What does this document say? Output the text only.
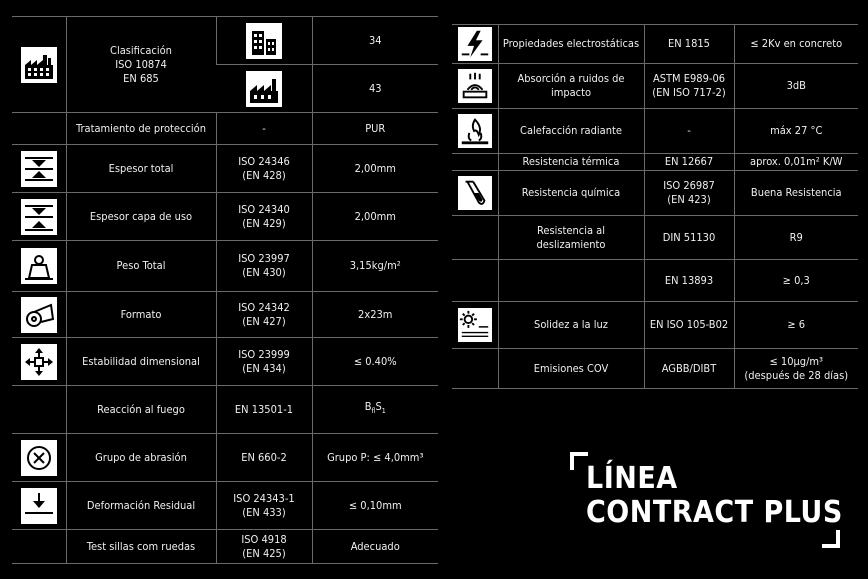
	Clasificación
ISO 10874
EN 685		34

	43
	Tratamiento de protección	-	PUR

	Espesor total	ISO 24346
(EN 428)	2,00mm

	Espesor capa de uso	ISO 24340
(EN 429)	2,00mm

	Peso Total	ISO 23997
(EN 430)	3,15kg/m²

	Formato	ISO 24342
(EN 427)	2x23m

	Estabilidad dimensional	ISO 23999
(EN 434)	≤ 0.40%
	Reacción al fuego	EN 13501-1	$B_{fl}S_1$

	Grupo de abrasión	EN 660-2	Grupo P: ≤ 4,0mm³

	Deformación Residual	ISO 24343-1
(EN 433)	≤ 0,10mm
	Test sillas com ruedas	ISO 4918
(EN 425)	Adecuado
	Propiedades electrostáticas	EN 1815	≤ 2Kv en concreto

	Absorción a ruidos de impacto	ASTM E989-06
(EN ISO 717-2)	3dB

	Calefacción radiante	-	máx 27 °C
	Resistencia térmica	EN 12667	aprox. 0,01m² K/W

	Resistencia química	ISO 26987
(EN 423)	Buena Resistencia
	Resistencia al deslizamiento	DIN 51130	R9
		EN 13893	≥ 0,3

	Solidez a la luz	EN ISO 105-B02	≥ 6
	Emisiones COV	AGBB/DIBT	≤ 10µg/m³
(después de 28 días)
LÍNEA
CONTRACT PLUS
